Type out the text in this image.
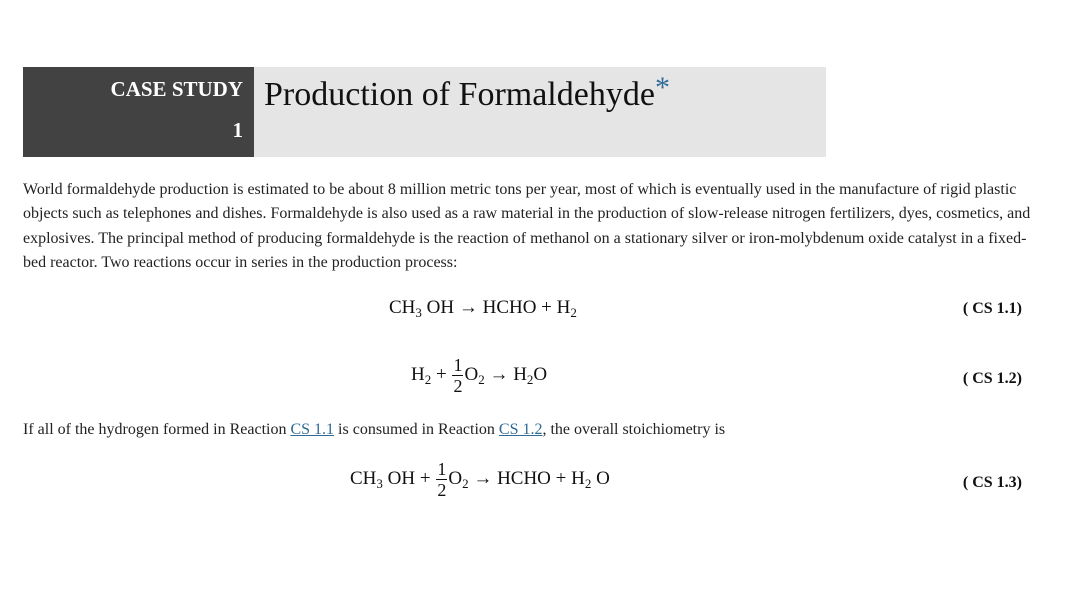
CASE STUDY
1
Production of Formaldehyde*

World formaldehyde production is estimated to be about 8 million metric tons per year, most of which is eventually used in the manufacture of rigid plastic objects such as telephones and dishes. Formaldehyde is also used as a raw material in the production of slow-release nitrogen fertilizers, dyes, cosmetics, and explosives. The principal method of producing formaldehyde is the reaction of methanol on a stationary silver or iron-molybdenum oxide catalyst in a fixed-bed reactor. Two reactions occur in series in the production process:

$CH_3$ OH → HCHO + $H_2$	( CS 1.1)
$H_2 + \frac{1}{2} O_2 \to H_2O$	( CS 1.2)

If all of the hydrogen formed in Reaction CS 1.1 is consumed in Reaction CS 1.2, the overall stoichiometry is

$CH_3$ OH + $\frac{1}{2} O_2$ → HCHO + $H_2$ O	( CS 1.3)
